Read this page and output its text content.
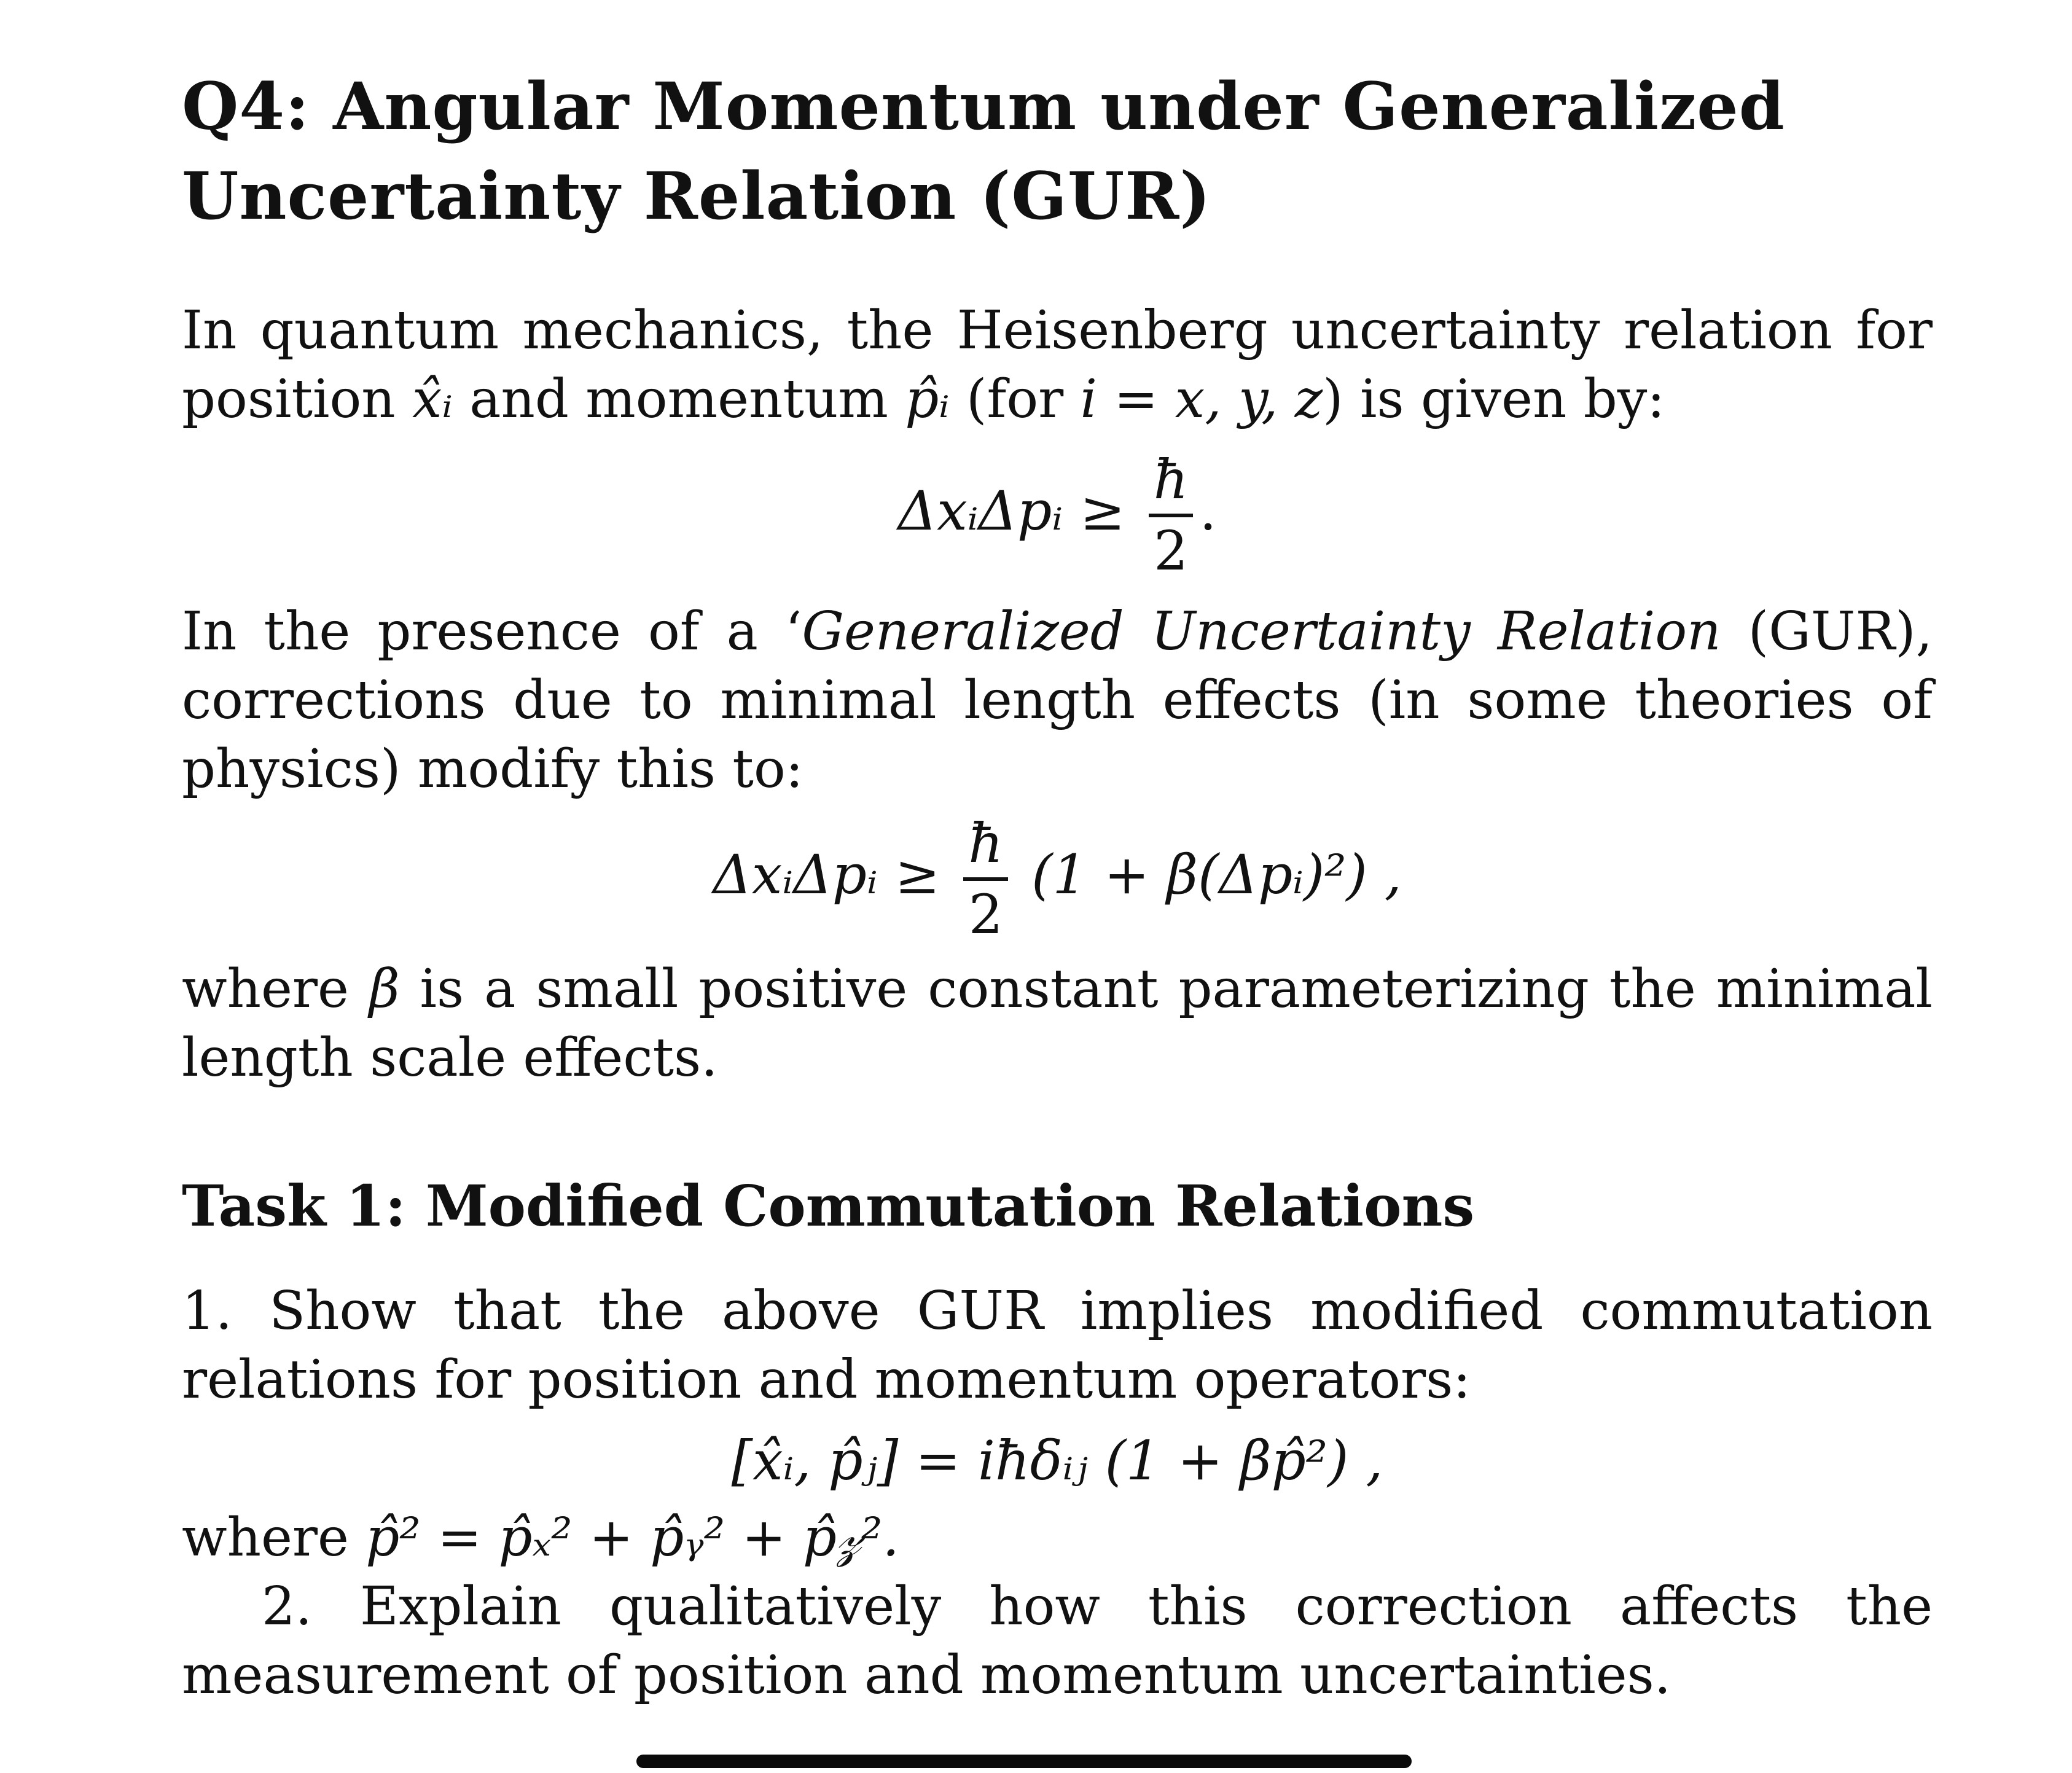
Q4: Angular Momentum under Generalized Uncertainty Relation (GUR)

In quantum mechanics, the Heisenberg uncertainty relation for position x̂ᵢ and momentum p̂ᵢ (for i = x, y, z) is given by:

ΔxᵢΔpᵢ ≥ $\frac{ħ}{2}$ .

In the presence of a ‘Generalized Uncertainty Relation (GUR), corrections due to minimal length effects (in some theories of physics) modify this to:

ΔxᵢΔpᵢ ≥ $\frac{ħ}{2} (1$ + β(Δpᵢ)²) ,

where β is a small positive constant parameterizing the minimal length scale effects.

Task 1: Modified Commutation Relations

1. Show that the above GUR implies modified commutation relations for position and momentum operators:

[x̂ᵢ, p̂ⱼ] = iħδᵢⱼ (1 + βp̂²) ,

where p̂² = p̂ₓ² + p̂ᵧ² + p̂𝓏².

2. Explain qualitatively how this correction affects the measurement of position and momentum uncertainties.
